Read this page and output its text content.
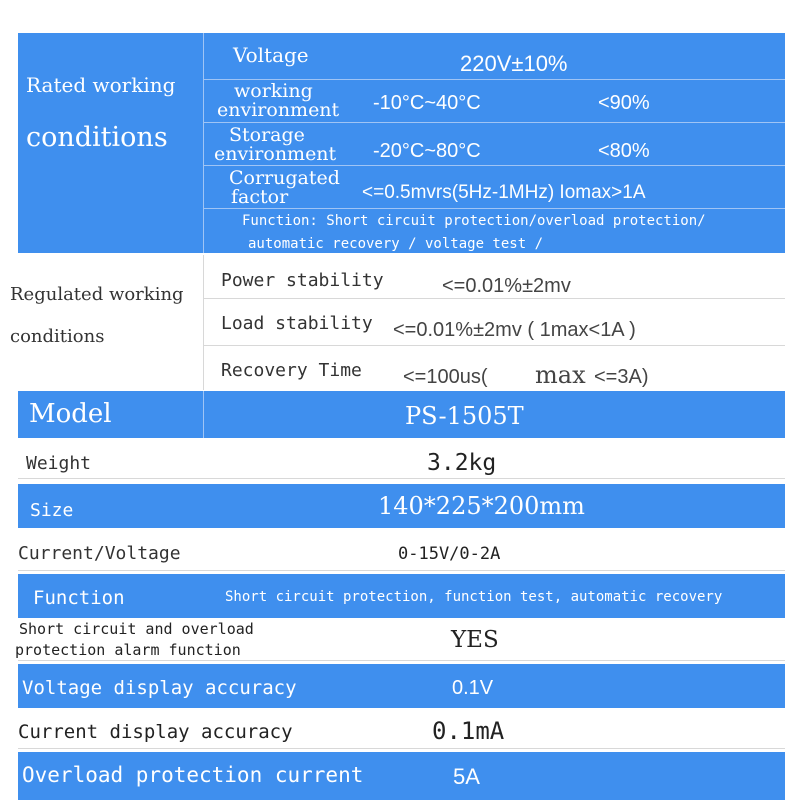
Rated working
conditions
Voltage	220V±10%
working
environment -10°C~40°C	<90%
Storage
environment -20°C~80°C	<80%
Corrugated
factor	<=0.5mvrs(5Hz-1MHz) Iomax>1A
Function: Short circuit protection/overload protection/
automatic recovery / voltage test /
Regulated working
conditions
Power stability	<=0.01%±2mv
Load stability <=0.01%±2mv ( 1max<1A )
Recovery Time <=100us( max <=3A)
Model	PS-1505T
Weight	3.2kg
Size	140*225*200mm
Current/Voltage	0-15V/0-2A
Function	Short circuit protection, function test, automatic recovery
Short circuit and overload
protection alarm function	YES
Voltage display accuracy	0.1V
Current display accuracy	0.1mA
Overload protection current	5A
